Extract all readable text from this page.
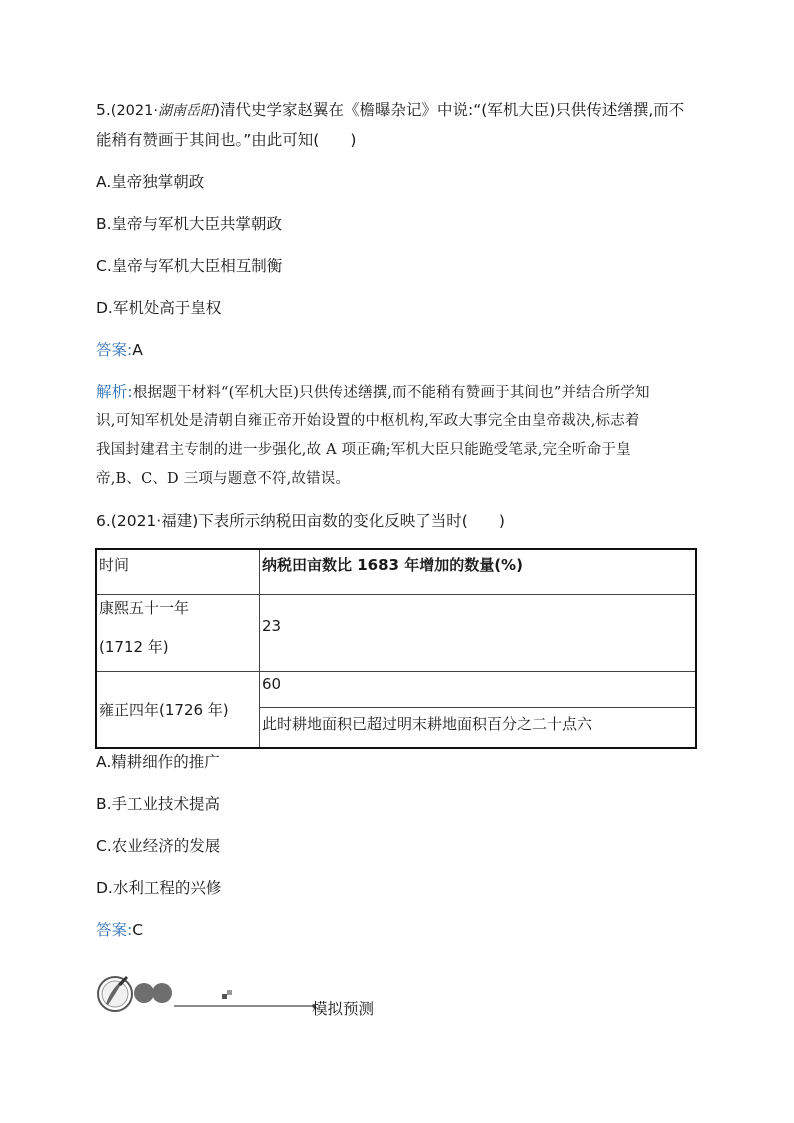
5.(2021·湖南岳阳)清代史学家赵翼在《檐曝杂记》中说:“(军机大臣)只供传述缮撰,而不
能稍有赞画于其间也。”由此可知(　　)
A.皇帝独掌朝政
B.皇帝与军机大臣共掌朝政
C.皇帝与军机大臣相互制衡
D.军机处高于皇权
答案:A
解析:根据题干材料“(军机大臣)只供传述缮撰,而不能稍有赞画于其间也”并结合所学知
识,可知军机处是清朝自雍正帝开始设置的中枢机构,军政大事完全由皇帝裁决,标志着
我国封建君主专制的进一步强化,故 A 项正确;军机大臣只能跪受笔录,完全听命于皇
帝,B、C、D 三项与题意不符,故错误。
6.(2021·福建)下表所示纳税田亩数的变化反映了当时(　　)
时间	纳税田亩数比 1683 年增加的数量(%)

康熙五十一年
(1712 年)	23
雍正四年(1726 年)	60
	此时耕地面积已超过明末耕地面积百分之二十点六
A.精耕细作的推广
B.手工业技术提高
C.农业经济的发展
D.水利工程的兴修
答案:C
模拟预测
